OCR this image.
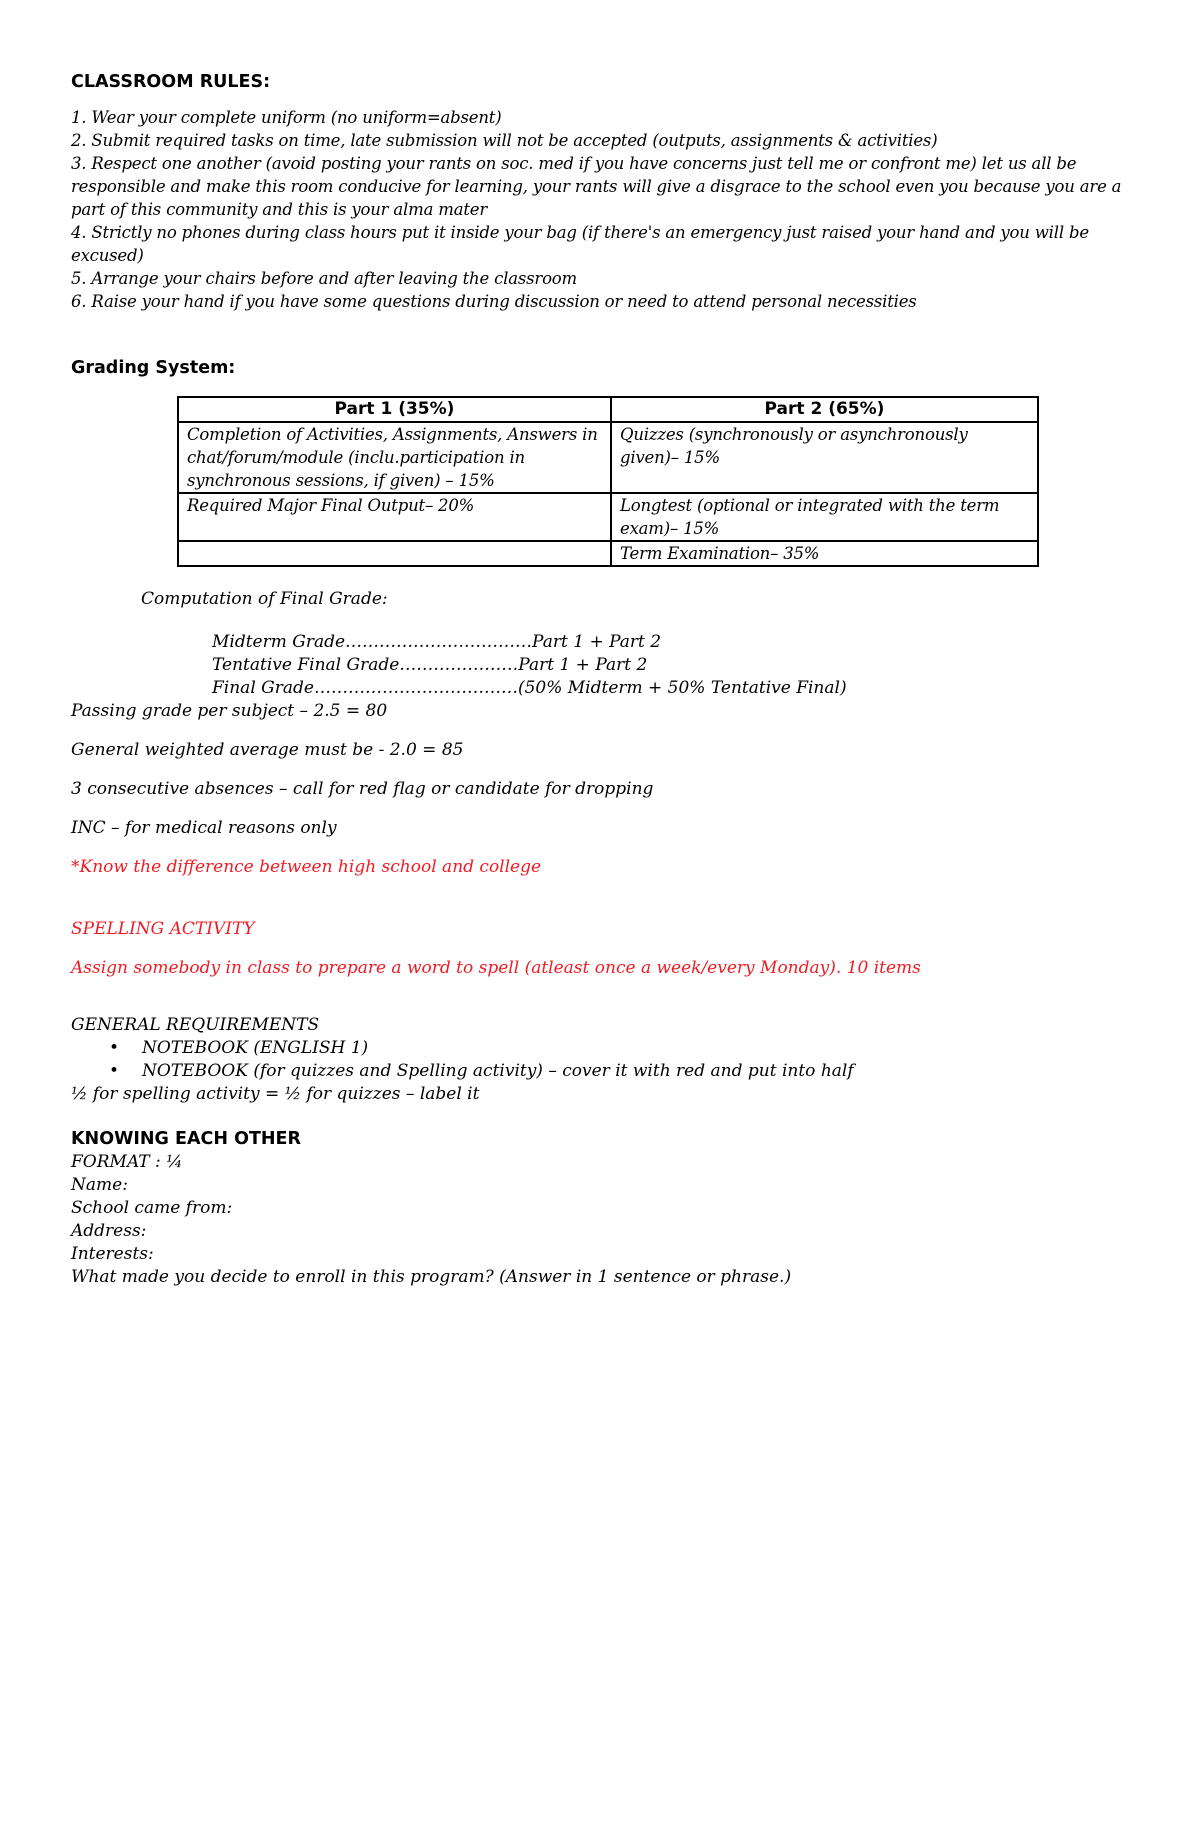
CLASSROOM RULES:

1. Wear your complete uniform (no uniform=absent)

2. Submit required tasks on time, late submission will not be accepted (outputs, assignments & activities)

3. Respect one another (avoid posting your rants on soc. med if you have concerns just tell me or confront me) let us all be responsible and make this room conducive for learning, your rants will give a disgrace to the school even you because you are a part of this community and this is your alma mater

4. Strictly no phones during class hours put it inside your bag (if there's an emergency just raised your hand and you will be excused)

5. Arrange your chairs before and after leaving the classroom

6. Raise your hand if you have some questions during discussion or need to attend personal necessities

Grading System:
Part 1 (35%)	Part 2 (65%)
Completion of Activities, Assignments, Answers in chat/forum/module (inclu.participation in synchronous sessions, if given) – 15%	Quizzes (synchronously or asynchronously given)– 15%
Required Major Final Output– 20%	Longtest (optional or integrated with the term exam)– 15%
	Term Examination– 35%
Computation of Final Grade:

Midterm Grade……………………………Part 1 + Part 2

Tentative Final Grade…………………Part 1 + Part 2

Final Grade………………………………(50% Midterm + 50% Tentative Final)

Passing grade per subject – 2.5 = 80

General weighted average must be - 2.0 = 85

3 consecutive absences – call for red flag or candidate for dropping

INC – for medical reasons only

*Know the difference between high school and college

SPELLING ACTIVITY

Assign somebody in class to prepare a word to spell (atleast once a week/every Monday). 10 items

GENERAL REQUIREMENTS

• NOTEBOOK (ENGLISH 1)
• NOTEBOOK (for quizzes and Spelling activity) – cover it with red and put into half

½ for spelling activity = ½ for quizzes – label it

KNOWING EACH OTHER

FORMAT : ¼

Name:

School came from:

Address:

Interests:

What made you decide to enroll in this program? (Answer in 1 sentence or phrase.)
